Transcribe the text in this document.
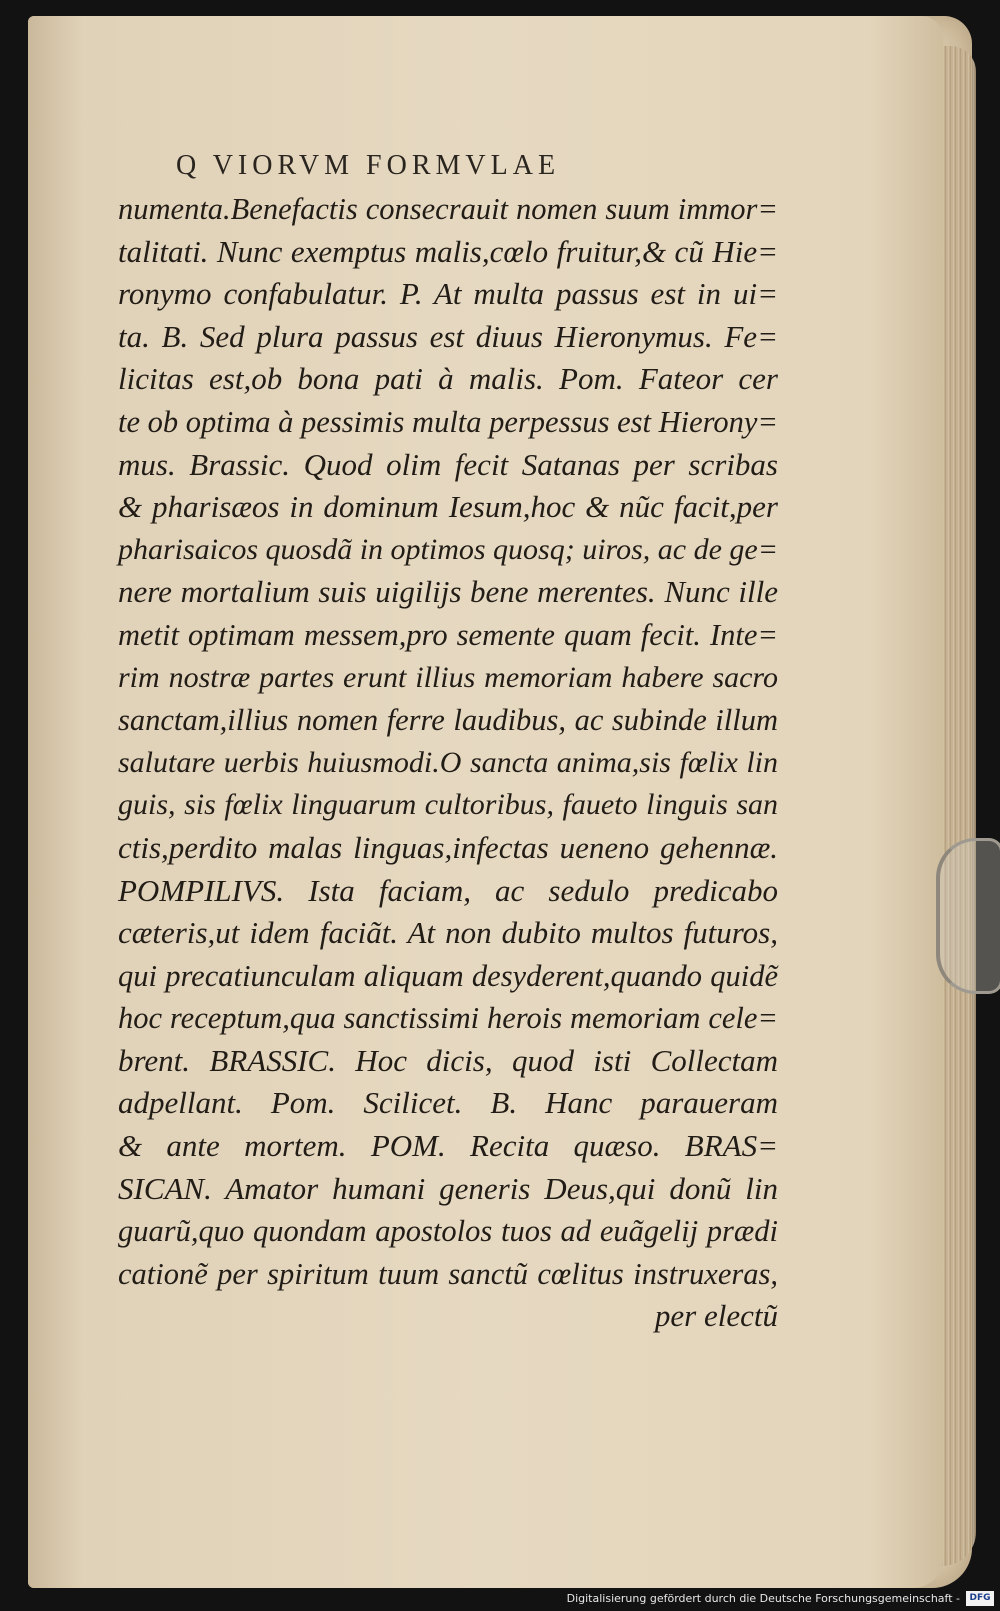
Q VIORVM FORMVLAE
numenta.Benefactis consecrauit nomen suum immor=
talitati. Nunc exemptus malis,cœlo fruitur,& cũ Hie=
ronymo confabulatur. P. At multa passus est in ui=
ta. B. Sed plura passus est diuus Hieronymus. Fe=
licitas est,ob bona pati à malis. Pom. Fateor cer
te ob optima à pessimis multa perpessus est Hierony=
mus. Brassic. Quod olim fecit Satanas per scribas
& pharisæos in dominum Iesum,hoc & nũc facit,per
pharisaicos quosdã in optimos quosq; uiros, ac de ge=
nere mortalium suis uigilijs bene merentes. Nunc ille
metit optimam messem,pro semente quam fecit. Inte=
rim nostræ partes erunt illius memoriam habere sacro
sanctam,illius nomen ferre laudibus, ac subinde illum
salutare uerbis huiusmodi.O sancta anima,sis fœlix lin
guis, sis fœlix linguarum cultoribus, faueto linguis san
ctis,perdito malas linguas,infectas ueneno gehennæ.
POMPILIVS. Ista faciam, ac sedulo predicabo
cæteris,ut idem faciãt. At non dubito multos futuros,
qui precatiunculam aliquam desyderent,quando quidẽ
hoc receptum,qua sanctissimi herois memoriam cele=
brent. BRASSIC. Hoc dicis, quod isti Collectam
adpellant. Pom. Scilicet. B. Hanc paraueram
& ante mortem. POM. Recita quæso. BRAS=
SICAN. Amator humani generis Deus,qui donũ lin
guarũ,quo quondam apostolos tuos ad euãgelij prædi
cationẽ per spiritum tuum sanctũ cœlitus instruxeras,
per electũ
Digitalisierung gefördert durch die Deutsche Forschungsgemeinschaft -	DFG
